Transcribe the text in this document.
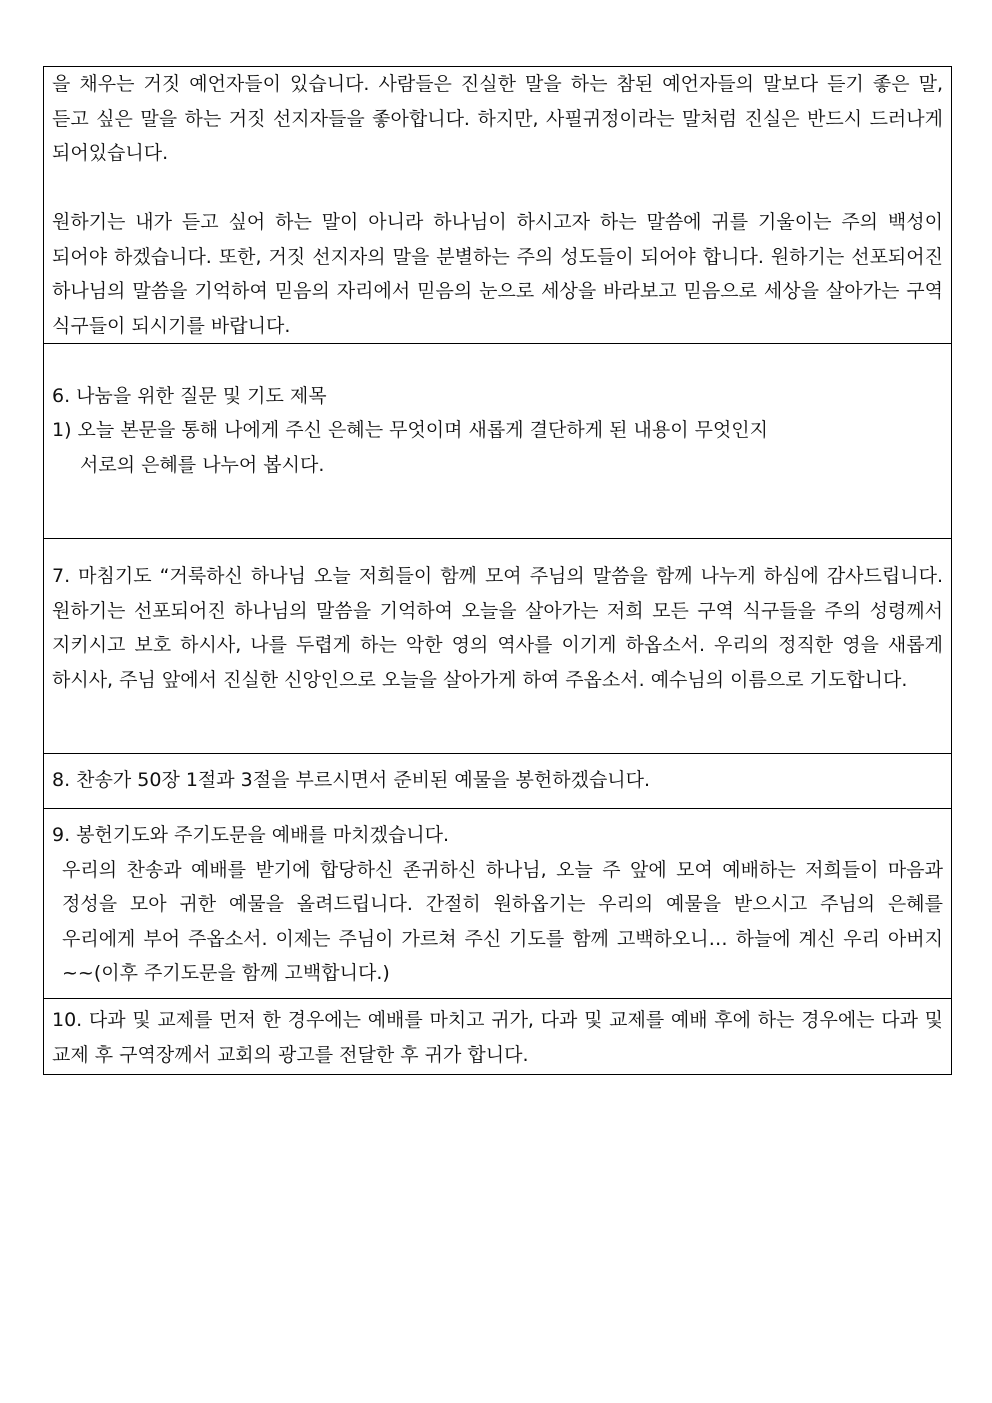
을 채우는 거짓 예언자들이 있습니다. 사람들은 진실한 말을 하는 참된 예언자들의 말보다 듣기 좋은 말, 듣고 싶은 말을 하는 거짓 선지자들을 좋아합니다. 하지만, 사필귀정이라는 말처럼 진실은 반드시 드러나게 되어있습니다.

원하기는 내가 듣고 싶어 하는 말이 아니라 하나님이 하시고자 하는 말씀에 귀를 기울이는 주의 백성이 되어야 하겠습니다. 또한, 거짓 선지자의 말을 분별하는 주의 성도들이 되어야 합니다. 원하기는 선포되어진 하나님의 말씀을 기억하여 믿음의 자리에서 믿음의 눈으로 세상을 바라보고 믿음으로 세상을 살아가는 구역 식구들이 되시기를 바랍니다.

6. 나눔을 위한 질문 및 기도 제목

1) 오늘 본문을 통해 나에게 주신 은혜는 무엇이며 새롭게 결단하게 된 내용이 무엇인지

서로의 은혜를 나누어 봅시다.

7. 마침기도 “거룩하신 하나님 오늘 저희들이 함께 모여 주님의 말씀을 함께 나누게 하심에 감사드립니다. 원하기는 선포되어진 하나님의 말씀을 기억하여 오늘을 살아가는 저희 모든 구역 식구들을 주의 성령께서 지키시고 보호 하시사, 나를 두렵게 하는 악한 영의 역사를 이기게 하옵소서. 우리의 정직한 영을 새롭게 하시사, 주님 앞에서 진실한 신앙인으로 오늘을 살아가게 하여 주옵소서. 예수님의 이름으로 기도합니다.

8. 찬송가 50장 1절과 3절을 부르시면서 준비된 예물을 봉헌하겠습니다.

9. 봉헌기도와 주기도문을 예배를 마치겠습니다.

우리의 찬송과 예배를 받기에 합당하신 존귀하신 하나님, 오늘 주 앞에 모여 예배하는 저희들이 마음과 정성을 모아 귀한 예물을 올려드립니다. 간절히 원하옵기는 우리의 예물을 받으시고 주님의 은혜를 우리에게 부어 주옵소서. 이제는 주님이 가르쳐 주신 기도를 함께 고백하오니… 하늘에 계신 우리 아버지~~(이후 주기도문을 함께 고백합니다.)

10. 다과 및 교제를 먼저 한 경우에는 예배를 마치고 귀가, 다과 및 교제를 예배 후에 하는 경우에는 다과 및 교제 후 구역장께서 교회의 광고를 전달한 후 귀가 합니다.
